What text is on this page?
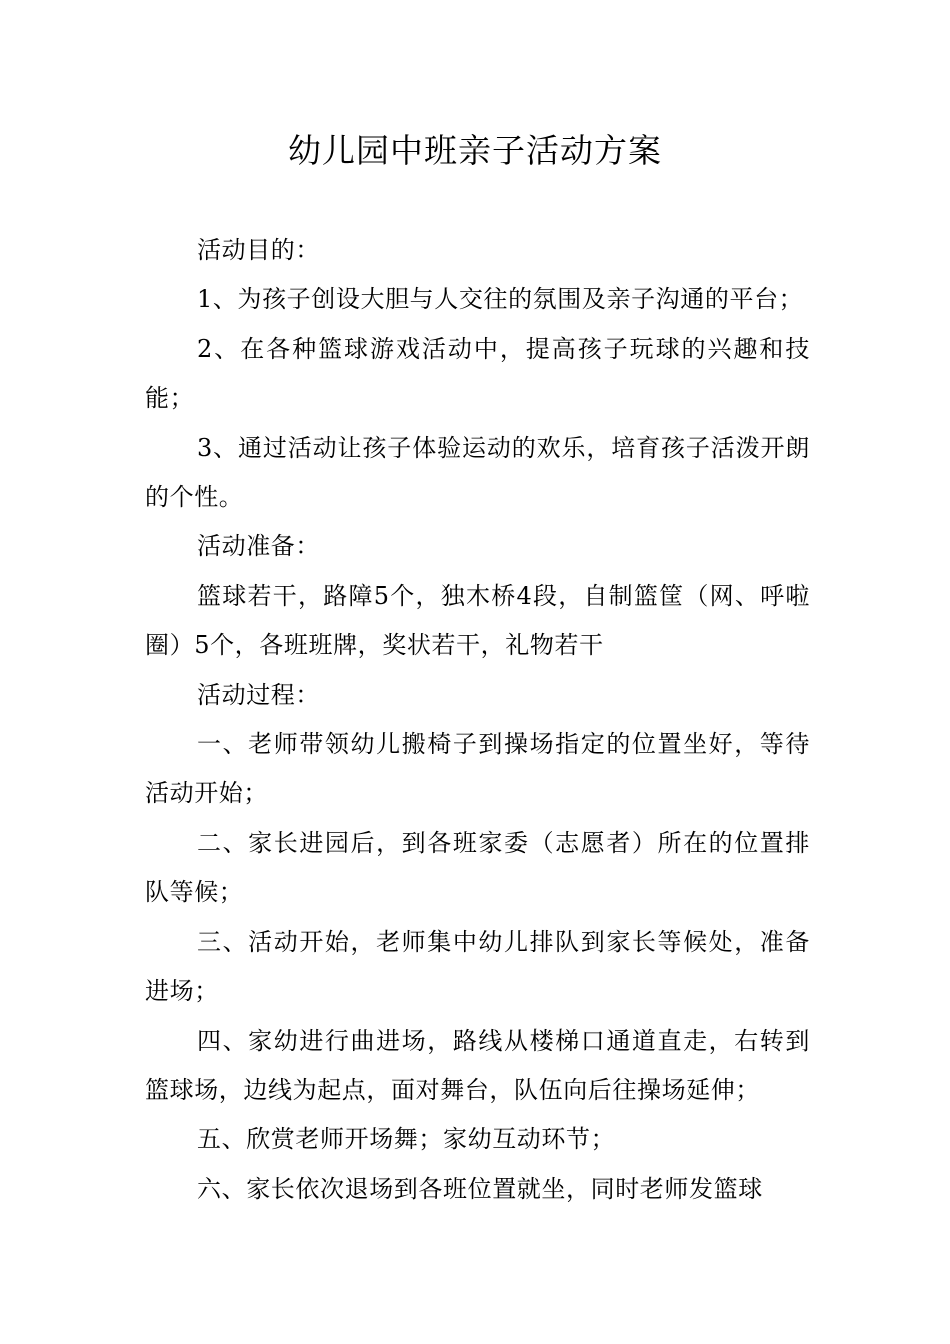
幼儿园中班亲子活动方案

活动目的：

1、为孩子创设大胆与人交往的氛围及亲子沟通的平台；

2、在各种篮球游戏活动中，提高孩子玩球的兴趣和技能；

3、通过活动让孩子体验运动的欢乐，培育孩子活泼开朗的个性。

活动准备：

篮球若干，路障5个，独木桥4段，自制篮筐（网、呼啦圈）5个，各班班牌，奖状若干，礼物若干

活动过程：

一、老师带领幼儿搬椅子到操场指定的位置坐好，等待活动开始；

二、家长进园后，到各班家委（志愿者）所在的位置排队等候；

三、活动开始，老师集中幼儿排队到家长等候处，准备进场；

四、家幼进行曲进场，路线从楼梯口通道直走，右转到篮球场，边线为起点，面对舞台，队伍向后往操场延伸；

五、欣赏老师开场舞；家幼互动环节；

六、家长依次退场到各班位置就坐，同时老师发篮球
